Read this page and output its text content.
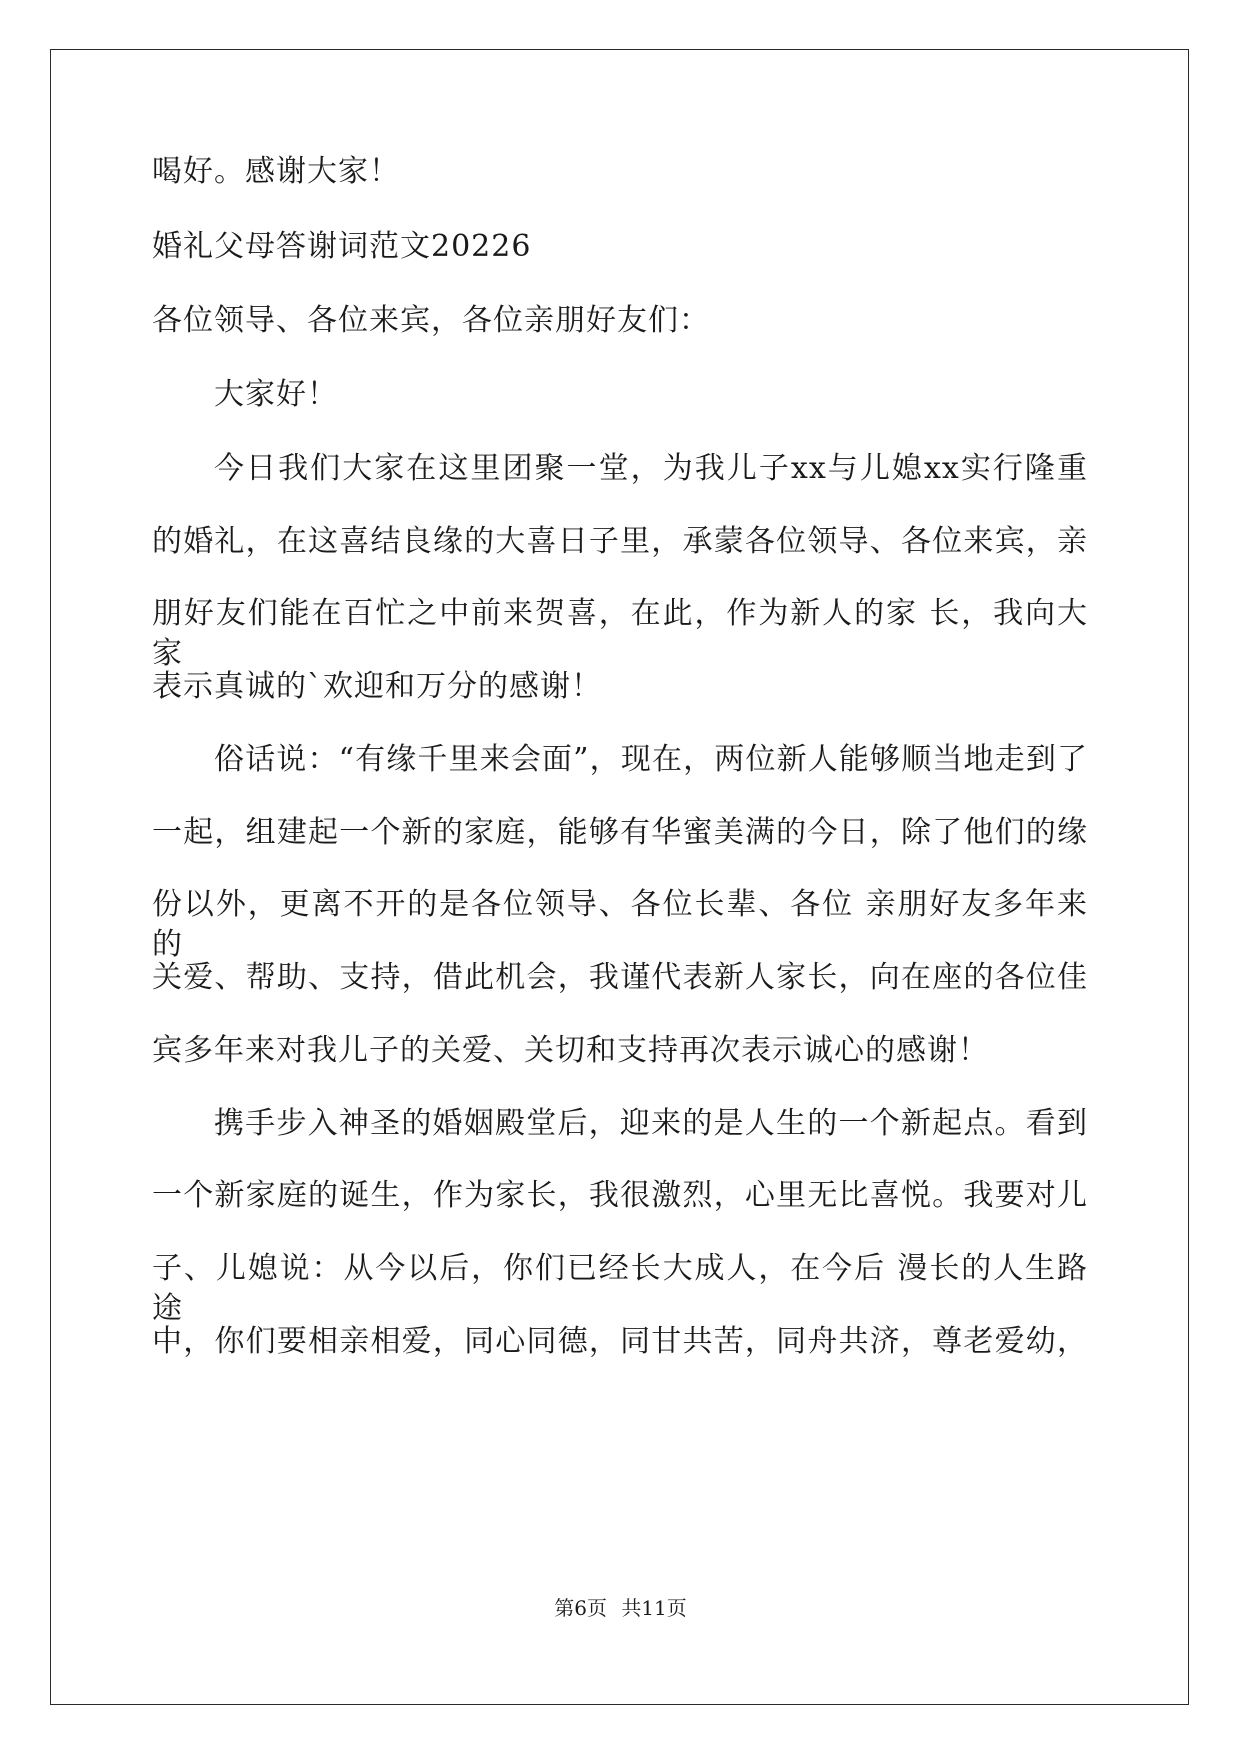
喝好。感谢大家！
婚礼父母答谢词范文20226
各位领导、各位来宾，各位亲朋好友们：
大家好！
今日我们大家在这里团聚一堂，为我儿子xx与儿媳xx实行隆重
的婚礼，在这喜结良缘的大喜日子里，承蒙各位领导、各位来宾，亲
朋好友们能在百忙之中前来贺喜，在此，作为新人的家 长，我向大家
表示真诚的`欢迎和万分的感谢！
俗话说：“有缘千里来会面”，现在，两位新人能够顺当地走到了
一起，组建起一个新的家庭，能够有华蜜美满的今日，除了他们的缘
份以外，更离不开的是各位领导、各位长辈、各位 亲朋好友多年来的
关爱、帮助、支持，借此机会，我谨代表新人家长，向在座的各位佳
宾多年来对我儿子的关爱、关切和支持再次表示诚心的感谢！
携手步入神圣的婚姻殿堂后，迎来的是人生的一个新起点。看到
一个新家庭的诞生，作为家长，我很激烈，心里无比喜悦。我要对儿
子、儿媳说：从今以后，你们已经长大成人，在今后 漫长的人生路途
中，你们要相亲相爱，同心同德，同甘共苦，同舟共济，尊老爱幼，
第6页 共11页
